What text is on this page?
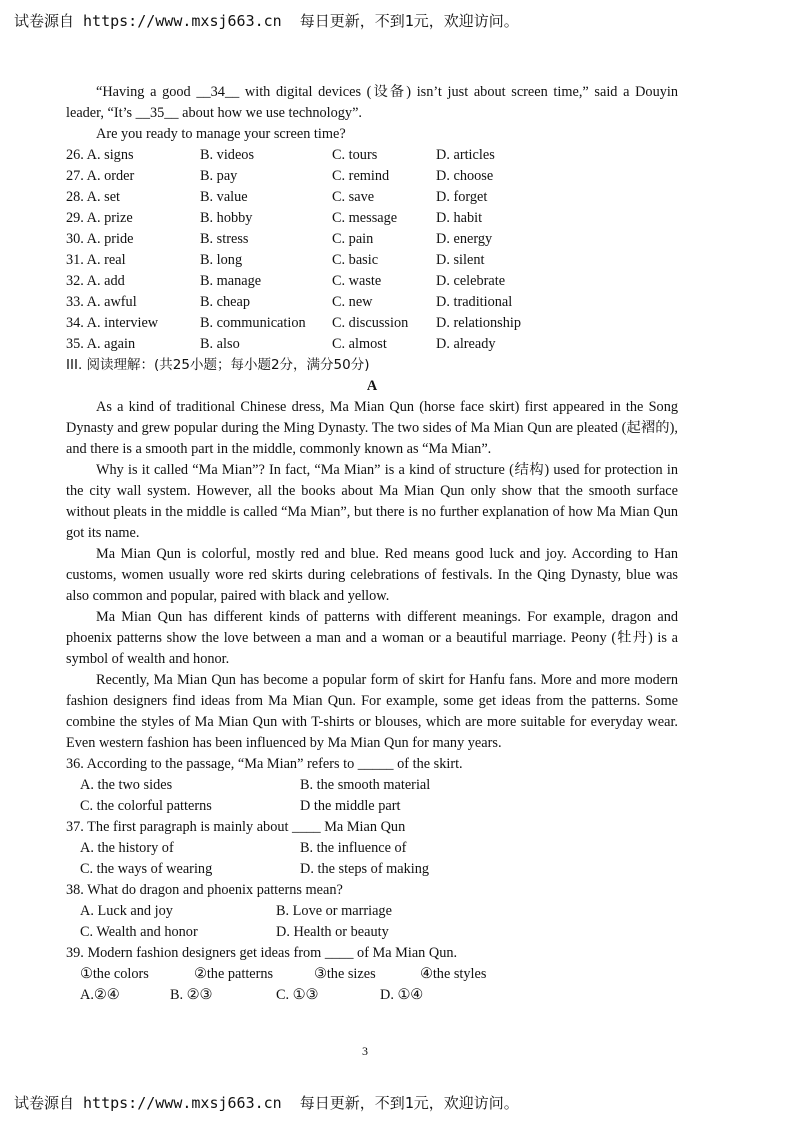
试卷源自 https://www.mxsj663.cn  每日更新，不到1元，欢迎访问。

“Having a good __34__ with digital devices (设备) isn’t just about screen time,” said a Douyin leader, “It’s __35__ about how we use technology”.

Are you ready to manage your screen time?

26. A. signs	B. videos	C. tours	D. articles
27. A. order	B. pay	C. remind	D. choose
28. A. set	B. value	C. save	D. forget
29. A. prize	B. hobby	C. message	D. habit
30. A. pride	B. stress	C. pain	D. energy
31. A. real	B. long	C. basic	D. silent
32. A. add	B. manage	C. waste	D. celebrate
33. A. awful	B. cheap	C. new	D. traditional
34. A. interview	B. communication C. discussion D. relationship
35. A. again	B. also	C. almost	D. already

III. 阅读理解：(共25小题；每小题2分，满分50分)

A

As a kind of traditional Chinese dress, Ma Mian Qun (horse face skirt) first appeared in the Song Dynasty and grew popular during the Ming Dynasty. The two sides of Ma Mian Qun are pleated (起褶的), and there is a smooth part in the middle, commonly known as “Ma Mian”.

Why is it called “Ma Mian”? In fact, “Ma Mian” is a kind of structure (结构) used for protection in the city wall system. However, all the books about Ma Mian Qun only show that the smooth surface without pleats in the middle is called “Ma Mian”, but there is no further explanation of how Ma Mian Qun got its name.

Ma Mian Qun is colorful, mostly red and blue. Red means good luck and joy. According to Han customs, women usually wore red skirts during celebrations of festivals. In the Qing Dynasty, blue was also common and popular, paired with black and yellow.

Ma Mian Qun has different kinds of patterns with different meanings. For example, dragon and phoenix patterns show the love between a man and a woman or a beautiful marriage. Peony (牡丹) is a symbol of wealth and honor.

Recently, Ma Mian Qun has become a popular form of skirt for Hanfu fans. More and more modern fashion designers find ideas from Ma Mian Qun. For example, some get ideas from the patterns. Some combine the styles of Ma Mian Qun with T-shirts or blouses, which are more suitable for everyday wear. Even western fashion has been influenced by Ma Mian Qun for many years.

36. According to the passage, “Ma Mian” refers to _____ of the skirt.

A. the two sides	B. the smooth material
C. the colorful patterns	D the middle part

37. The first paragraph is mainly about ____ Ma Mian Qun

A. the history of	B. the influence of
C. the ways of wearing	D. the steps of making

38. What do dragon and phoenix patterns mean?

A. Luck and joy	B. Love or marriage
C. Wealth and honor	D. Health or beauty

39. Modern fashion designers get ideas from ____ of Ma Mian Qun.

①the colors	②the patterns	③the sizes	④the styles
A.②④	B. ②③	C. ①③	D. ①④
3
试卷源自 https://www.mxsj663.cn  每日更新，不到1元，欢迎访问。
